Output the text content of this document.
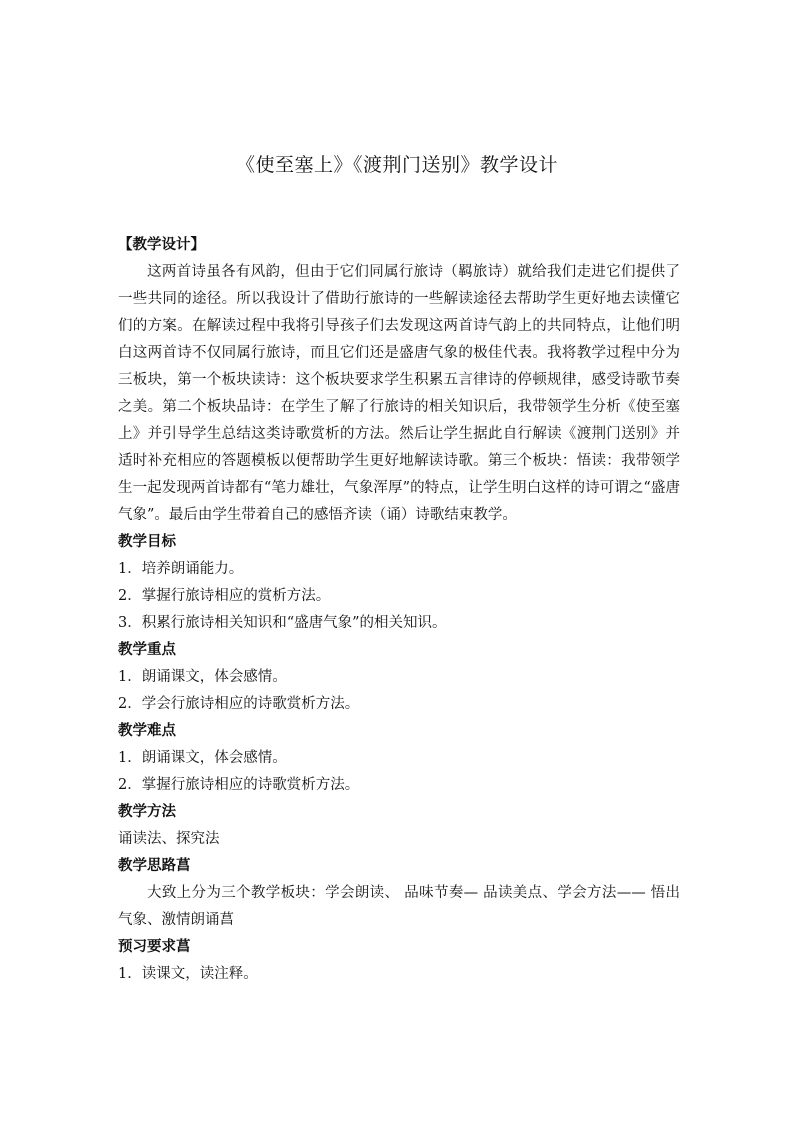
《使至塞上》《渡荆门送别》教学设计

【教学设计】

这两首诗虽各有风韵，但由于它们同属行旅诗（羁旅诗）就给我们走进它们提供了一些共同的途径。所以我设计了借助行旅诗的一些解读途径去帮助学生更好地去读懂它们的方案。在解读过程中我将引导孩子们去发现这两首诗气韵上的共同特点，让他们明白这两首诗不仅同属行旅诗，而且它们还是盛唐气象的极佳代表。我将教学过程中分为三板块，第一个板块读诗：这个板块要求学生积累五言律诗的停顿规律，感受诗歌节奏之美。第二个板块品诗：在学生了解了行旅诗的相关知识后，我带领学生分析《使至塞上》并引导学生总结这类诗歌赏析的方法。然后让学生据此自行解读《渡荆门送别》并适时补充相应的答题模板以便帮助学生更好地解读诗歌。第三个板块：悟读：我带领学生一起发现两首诗都有“笔力雄壮，气象浑厚”的特点，让学生明白这样的诗可谓之“盛唐气象”。最后由学生带着自己的感悟齐读（诵）诗歌结束教学。

教学目标

1．培养朗诵能力。

2．掌握行旅诗相应的赏析方法。

3．积累行旅诗相关知识和“盛唐气象”的相关知识。

教学重点

1．朗诵课文，体会感情。

2．学会行旅诗相应的诗歌赏析方法。

教学难点

1．朗诵课文，体会感情。

2．掌握行旅诗相应的诗歌赏析方法。

教学方法

诵读法、探究法

教学思路菖

大致上分为三个教学板块：学会朗读、 品味节奏— 品读美点、学会方法—— 悟出气象、激情朗诵菖

预习要求菖

1．读课文，读注释。
